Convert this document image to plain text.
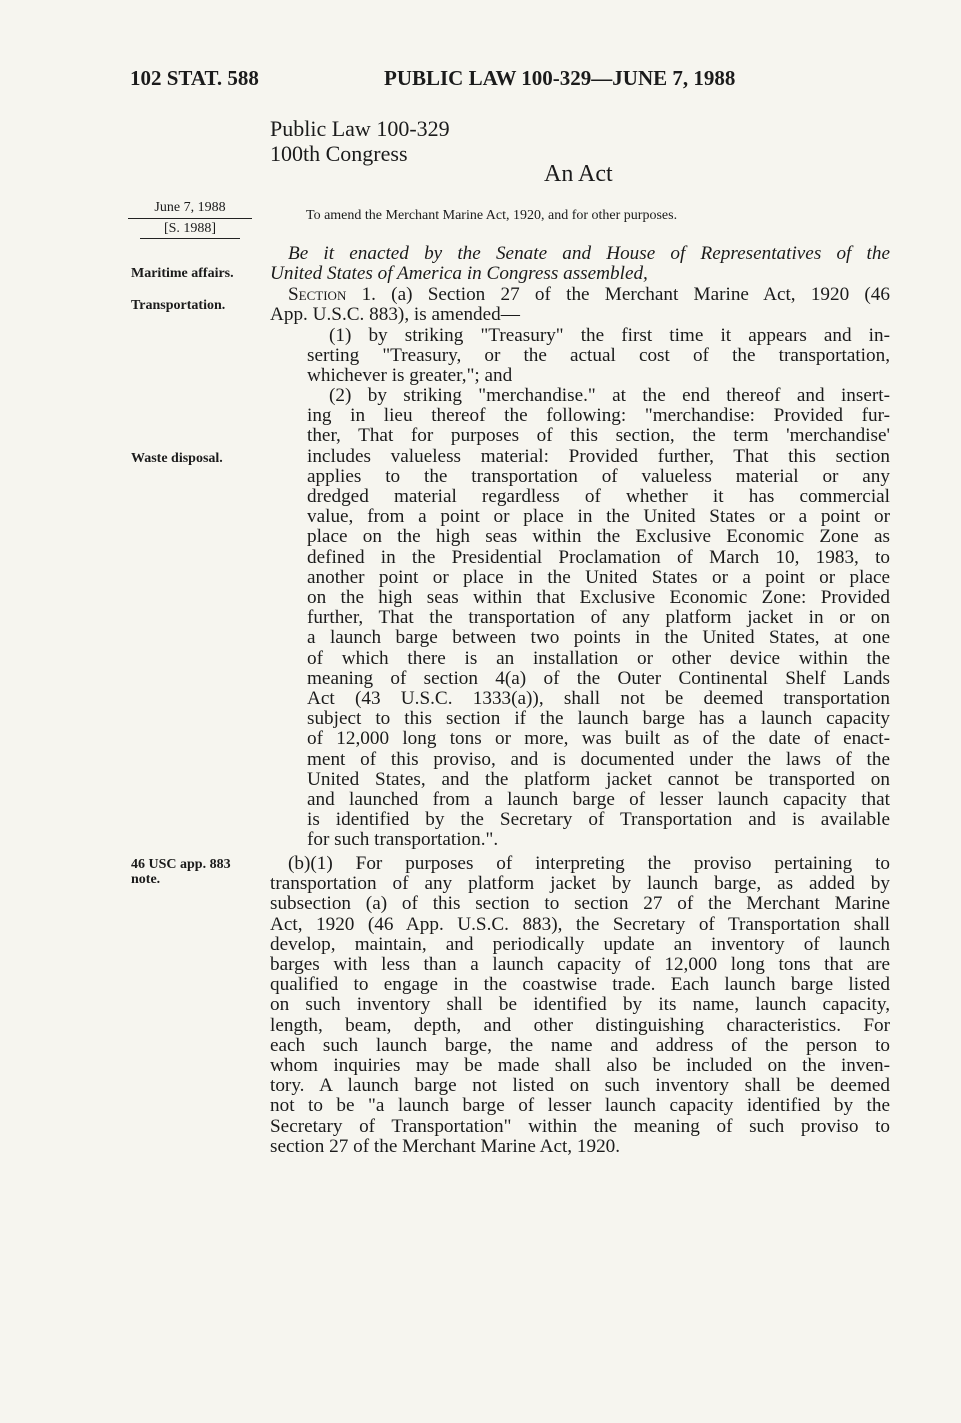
102 STAT. 588	PUBLIC LAW 100-329—JUNE 7, 1988
Public Law 100-329
100th Congress
An Act
June 7, 1988
[S. 1988]
To amend the Merchant Marine Act, 1920, and for other purposes.
Maritime affairs.
Transportation.
Waste disposal.
46 USC app. 883
note.
Be it enacted by the Senate and House of Representatives of the
United States of America in Congress assembled,
Section 1. (a) Section 27 of the Merchant Marine Act, 1920 (46
App. U.S.C. 883), is amended—
(1) by striking "Treasury" the first time it appears and in-
serting "Treasury, or the actual cost of the transportation,
whichever is greater,"; and
(2) by striking "merchandise." at the end thereof and insert-
ing in lieu thereof the following: "merchandise: Provided fur-
ther, That for purposes of this section, the term 'merchandise'
includes valueless material: Provided further, That this section
applies to the transportation of valueless material or any
dredged material regardless of whether it has commercial
value, from a point or place in the United States or a point or
place on the high seas within the Exclusive Economic Zone as
defined in the Presidential Proclamation of March 10, 1983, to
another point or place in the United States or a point or place
on the high seas within that Exclusive Economic Zone: Provided
further, That the transportation of any platform jacket in or on
a launch barge between two points in the United States, at one
of which there is an installation or other device within the
meaning of section 4(a) of the Outer Continental Shelf Lands
Act (43 U.S.C. 1333(a)), shall not be deemed transportation
subject to this section if the launch barge has a launch capacity
of 12,000 long tons or more, was built as of the date of enact-
ment of this proviso, and is documented under the laws of the
United States, and the platform jacket cannot be transported on
and launched from a launch barge of lesser launch capacity that
is identified by the Secretary of Transportation and is available
for such transportation.".
(b)(1) For purposes of interpreting the proviso pertaining to
transportation of any platform jacket by launch barge, as added by
subsection (a) of this section to section 27 of the Merchant Marine
Act, 1920 (46 App. U.S.C. 883), the Secretary of Transportation shall
develop, maintain, and periodically update an inventory of launch
barges with less than a launch capacity of 12,000 long tons that are
qualified to engage in the coastwise trade. Each launch barge listed
on such inventory shall be identified by its name, launch capacity,
length, beam, depth, and other distinguishing characteristics. For
each such launch barge, the name and address of the person to
whom inquiries may be made shall also be included on the inven-
tory. A launch barge not listed on such inventory shall be deemed
not to be "a launch barge of lesser launch capacity identified by the
Secretary of Transportation" within the meaning of such proviso to
section 27 of the Merchant Marine Act, 1920.
